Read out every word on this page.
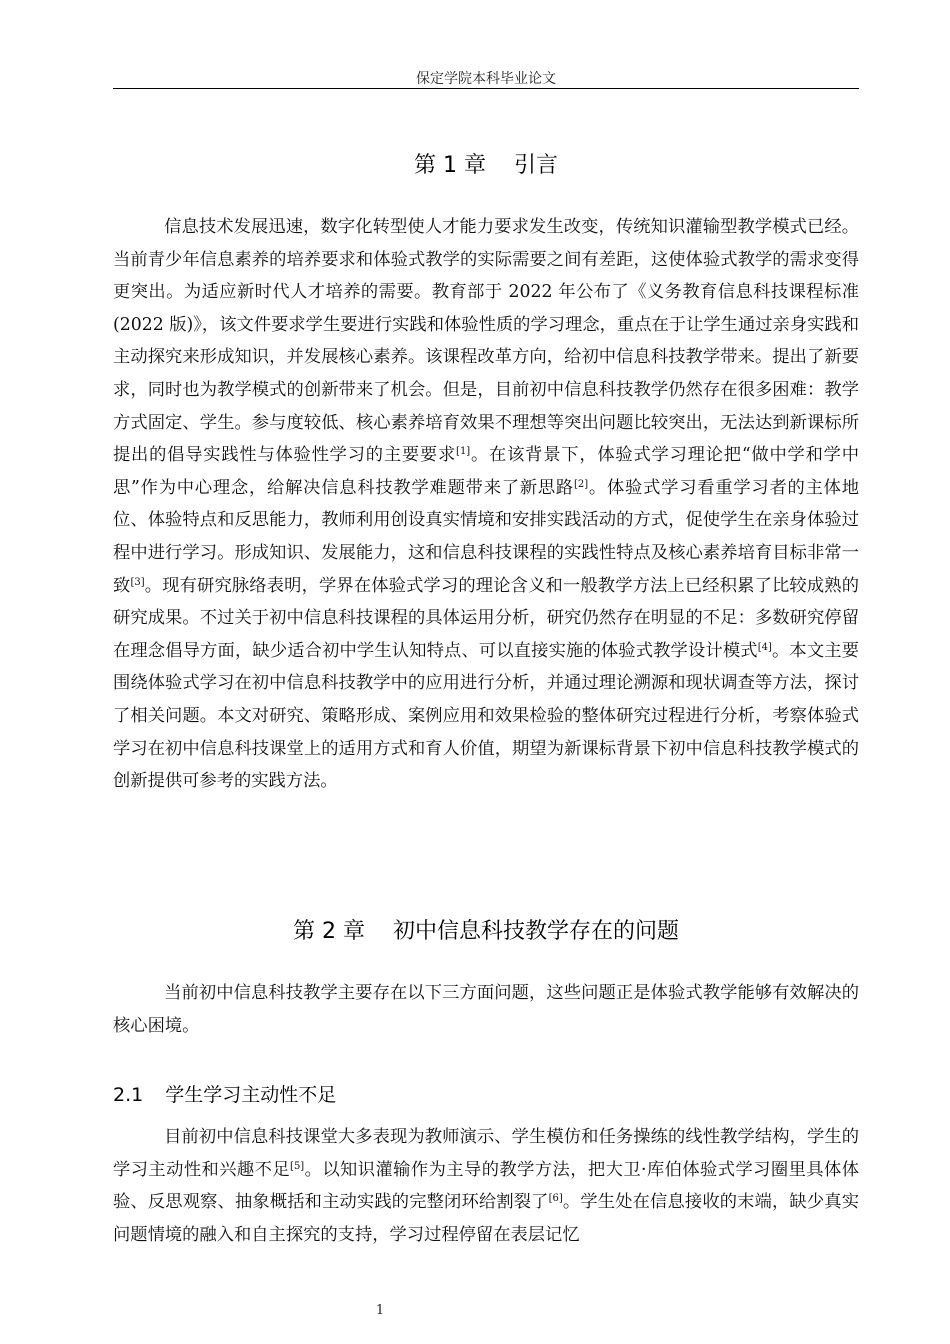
保定学院本科毕业论文
第 1 章 引言

信息技术发展迅速，数字化转型使人才能力要求发生改变，传统知识灌输型教学模式已经。当前青少年信息素养的培养要求和体验式教学的实际需要之间有差距，这使体验式教学的需求变得更突出。为适应新时代人才培养的需要。教育部于 2022 年公布了《义务教育信息科技课程标准(2022 版)》，该文件要求学生要进行实践和体验性质的学习理念，重点在于让学生通过亲身实践和主动探究来形成知识，并发展核心素养。该课程改革方向，给初中信息科技教学带来。提出了新要求，同时也为教学模式的创新带来了机会。但是，目前初中信息科技教学仍然存在很多困难：教学方式固定、学生。参与度较低、核心素养培育效果不理想等突出问题比较突出，无法达到新课标所提出的倡导实践性与体验性学习的主要要求[1]。在该背景下，体验式学习理论把“做中学和学中思”作为中心理念，给解决信息科技教学难题带来了新思路[2]。体验式学习看重学习者的主体地位、体验特点和反思能力，教师利用创设真实情境和安排实践活动的方式，促使学生在亲身体验过程中进行学习。形成知识、发展能力，这和信息科技课程的实践性特点及核心素养培育目标非常一致[3]。现有研究脉络表明，学界在体验式学习的理论含义和一般教学方法上已经积累了比较成熟的研究成果。不过关于初中信息科技课程的具体运用分析，研究仍然存在明显的不足：多数研究停留在理念倡导方面，缺少适合初中学生认知特点、可以直接实施的体验式教学设计模式[4]。本文主要围绕体验式学习在初中信息科技教学中的应用进行分析，并通过理论溯源和现状调查等方法，探讨了相关问题。本文对研究、策略形成、案例应用和效果检验的整体研究过程进行分析，考察体验式学习在初中信息科技课堂上的适用方式和育人价值，期望为新课标背景下初中信息科技教学模式的创新提供可参考的实践方法。

第 2 章 初中信息科技教学存在的问题

当前初中信息科技教学主要存在以下三方面问题，这些问题正是体验式教学能够有效解决的核心困境。

2.1 学生学习主动性不足

目前初中信息科技课堂大多表现为教师演示、学生模仿和任务操练的线性教学结构，学生的学习主动性和兴趣不足[5]。以知识灌输作为主导的教学方法，把大卫·库伯体验式学习圈里具体体验、反思观察、抽象概括和主动实践的完整闭环给割裂了[6]。学生处在信息接收的末端，缺少真实问题情境的融入和自主探究的支持，学习过程停留在表层记忆

1
